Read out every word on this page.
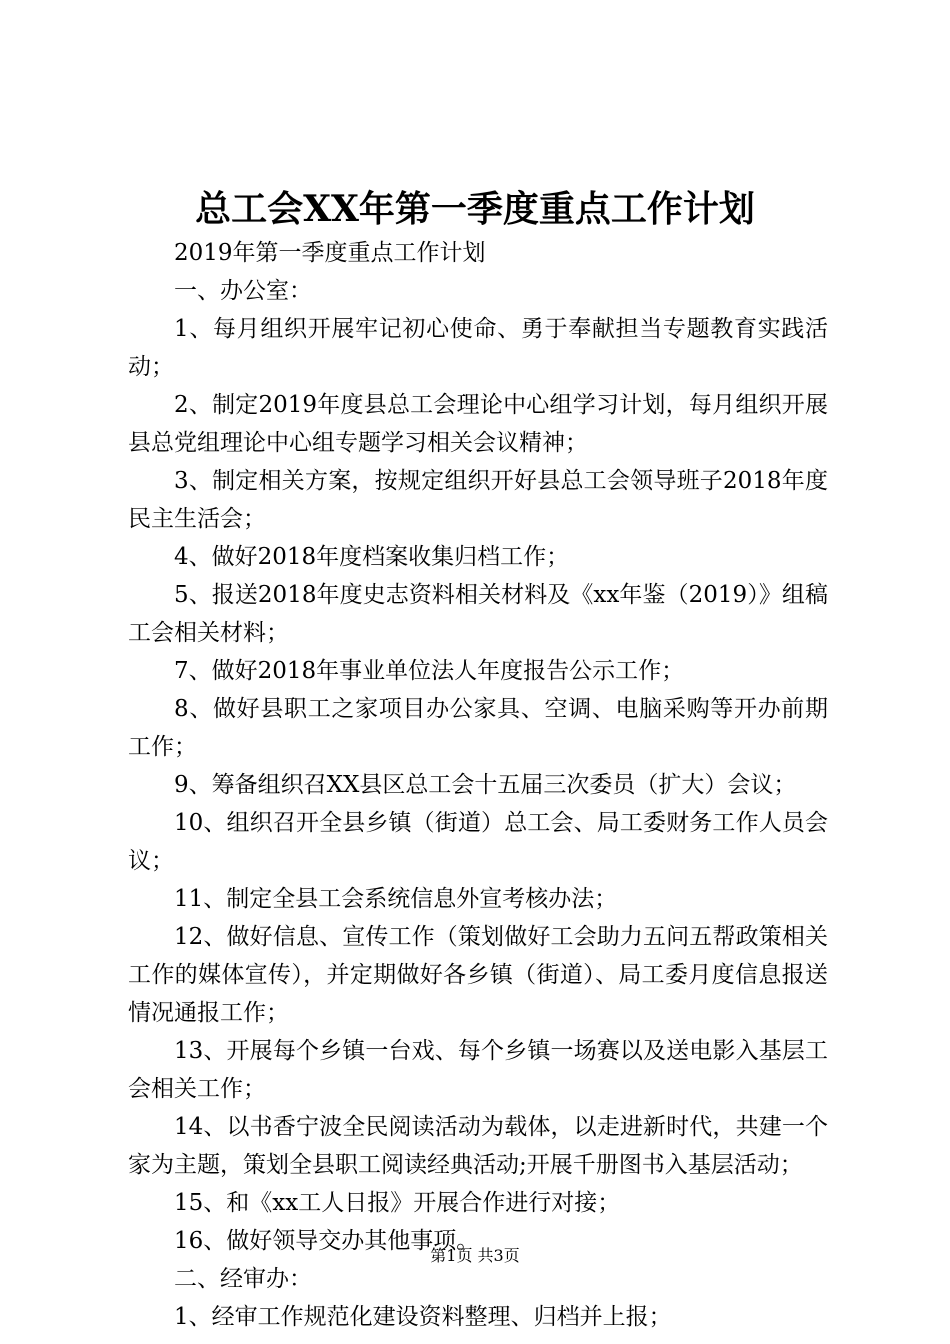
总工会XX年第一季度重点工作计划

2019年第一季度重点工作计划

一、办公室：

1、每月组织开展牢记初心使命、勇于奉献担当专题教育实践活动；

2、制定2019年度县总工会理论中心组学习计划，每月组织开展县总党组理论中心组专题学习相关会议精神；

3、制定相关方案，按规定组织开好县总工会领导班子2018年度民主生活会；

4、做好2018年度档案收集归档工作；

5、报送2018年度史志资料相关材料及《xx年鉴（2019）》组稿工会相关材料；

7、做好2018年事业单位法人年度报告公示工作；

8、做好县职工之家项目办公家具、空调、电脑采购等开办前期工作；

9、筹备组织召XX县区总工会十五届三次委员（扩大）会议；

10、组织召开全县乡镇（街道）总工会、局工委财务工作人员会议；

11、制定全县工会系统信息外宣考核办法；

12、做好信息、宣传工作（策划做好工会助力五问五帮政策相关工作的媒体宣传），并定期做好各乡镇（街道）、局工委月度信息报送情况通报工作；

13、开展每个乡镇一台戏、每个乡镇一场赛以及送电影入基层工会相关工作；

14、以书香宁波全民阅读活动为载体，以走进新时代，共建一个家为主题，策划全县职工阅读经典活动;开展千册图书入基层活动；

15、和《xx工人日报》开展合作进行对接；

16、做好领导交办其他事项。

二、经审办：

1、经审工作规范化建设资料整理、归档并上报；

第1页 共3页
